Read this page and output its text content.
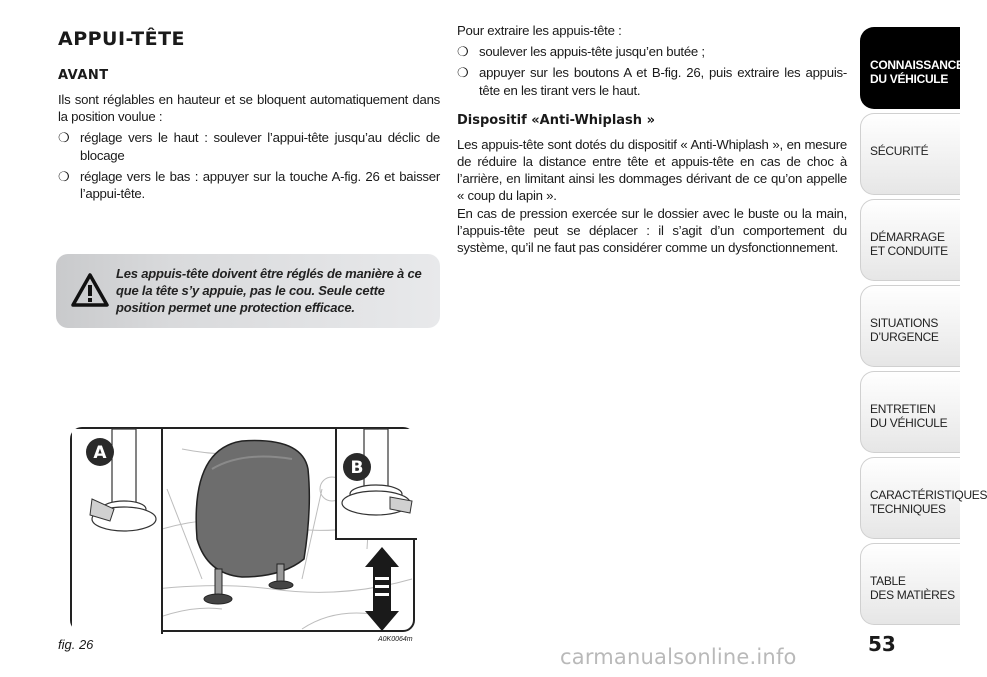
APPUI-TÊTE
AVANT

Ils sont réglables en hauteur et se bloquent automatiquement dans la position voulue :

❍ réglage vers le haut : soulever l’appui-tête jusqu’au déclic de blocage
❍ réglage vers le bas : appuyer sur la touche A-fig. 26 et baisser l’appui-tête.
Les appuis-tête doivent être réglés de manière à ce que la tête s’y appuie, pas le cou. Seule cette position permet une protection efficace.
A
B
fig. 26	A0K0064m

Pour extraire les appuis-tête :

❍ soulever les appuis-tête jusqu’en butée ;
❍ appuyer sur les boutons A et B-fig. 26, puis extraire les appuis-tête en les tirant vers le haut.
Dispositif «Anti-Whiplash »

Les appuis-tête sont dotés du dispositif « Anti-Whiplash », en mesure de réduire la distance entre tête et appuis-tête en cas de choc à l’arrière, en limitant ainsi les dommages dérivant de ce qu’on appelle « coup du lapin ».

En cas de pression exercée sur le dossier avec le buste ou la main, l’appuis-tête peut se déplacer : il s’agit d’un comportement du système, qu’il ne faut pas considérer comme un dysfonctionnement.

CONNAISSANCE
DU VÉHICULE
SÉCURITÉ
DÉMARRAGE
ET CONDUITE
SITUATIONS
D’URGENCE
ENTRETIEN
DU VÉHICULE
CARACTÉRISTIQUES
TECHNIQUES
TABLE
DES MATIÈRES
53
carmanualsonline.info
